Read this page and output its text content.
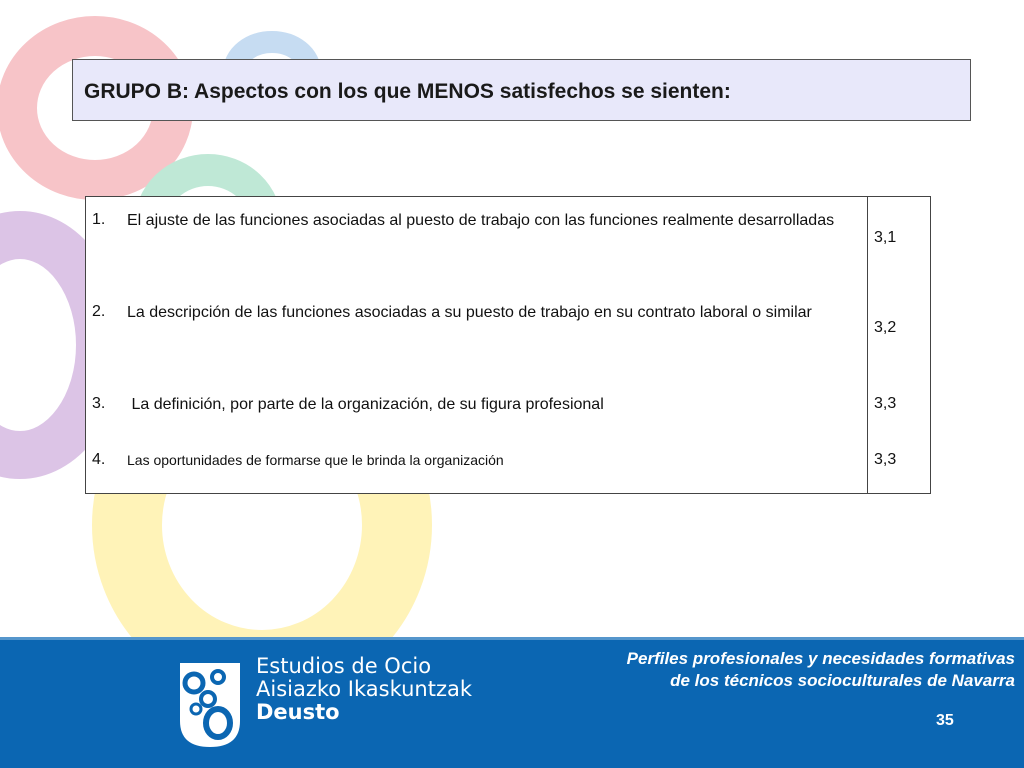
GRUPO B: Aspectos con los que MENOS satisfechos se sienten:
1. El ajuste de las funciones asociadas al puesto de trabajo con las funciones realmente desarrolladas
3,1
2. La descripción de las funciones asociadas a su puesto de trabajo en su contrato laboral o similar
3,2
3. La definición, por parte de la organización, de su figura profesional	3,3
4. Las oportunidades de formarse que le brinda la organización	3,3
Estudios de Ocio
Aisiazko Ikaskuntzak
Deusto
Perfiles profesionales y necesidades formativas
de los técnicos socioculturales de Navarra
35
